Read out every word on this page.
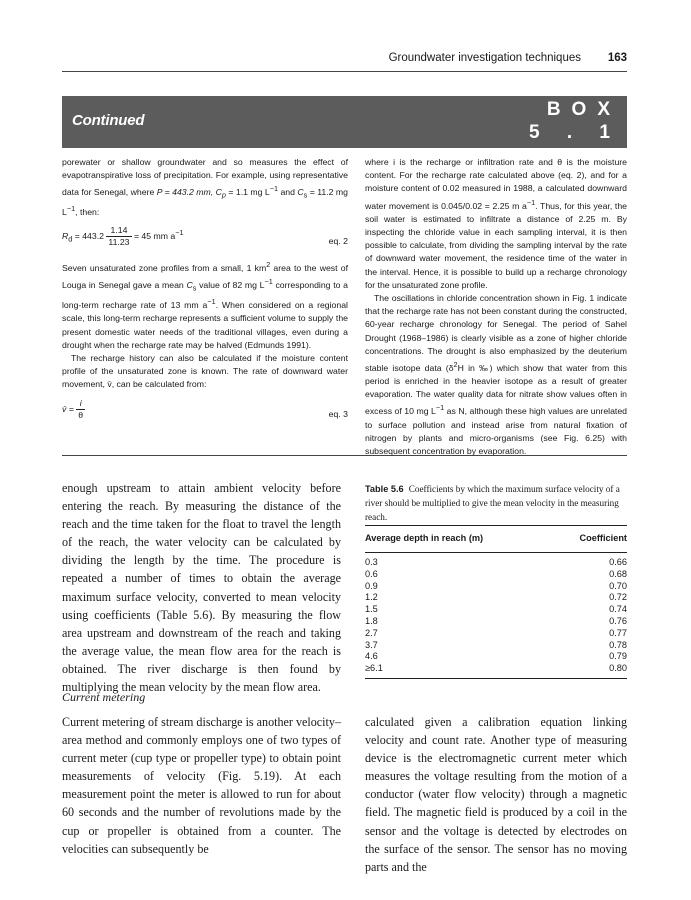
Groundwater investigation techniques 163
Continued
BOX
5 . 1

porewater or shallow groundwater and so measures the effect of evapotranspirative loss of precipitation. For example, using representative data for Senegal, where P = 443.2 mm, $C_p = 1.1$ mg $L^{-1}$ and $C_s = 11.2$ mg $L^{-1}$, then:

$R_d = 443.2 \frac{1.14}{11.23} = 45$ mm $a^{-1}$
eq. 2

Seven unsaturated zone profiles from a small, 1 $km^2$ area to the west of Louga in Senegal gave a mean $C_s$ value of 82 mg $L^{-1}$ corresponding to a long-term recharge rate of 13 mm $a^{-1}$. When considered on a regional scale, this long-term recharge represents a sufficient volume to supply the present domestic water needs of the traditional villages, even during a drought when the recharge rate may be halved (Edmunds 1991).

The recharge history can also be calculated if the moisture content profile of the unsaturated zone is known. The rate of downward water movement, v̄, can be calculated from:

v̄ = $\frac{i}{\theta}$	eq. 3

where i is the recharge or infiltration rate and θ is the moisture content. For the recharge rate calculated above (eq. 2), and for a moisture content of 0.02 measured in 1988, a calculated downward water movement is 0.045/0.02 = 2.25 m $a^{-1}$. Thus, for this year, the soil water is estimated to infiltrate a distance of 2.25 m. By inspecting the chloride value in each sampling interval, it is then possible to calculate, from dividing the sampling interval by the rate of downward water movement, the residence time of the water in the interval. Hence, it is possible to build up a recharge chronology for the unsaturated zone profile.

The oscillations in chloride concentration shown in Fig. 1 indicate that the recharge rate has not been constant during the constructed, 60-year recharge chronology for Senegal. The period of Sahel Drought (1968–1986) is clearly visible as a zone of higher chloride concentrations. The drought is also emphasized by the deuterium stable isotope data ($\delta^2H$ in ‰) which show that water from this period is enriched in the heavier isotope as a result of greater evaporation. The water quality data for nitrate show values often in excess of 10 mg $L^{-1}$ as N, although these high values are unrelated to surface pollution and instead arise from natural fixation of nitrogen by plants and micro-organisms (see Fig. 6.25) with subsequent concentration by evaporation.

enough upstream to attain ambient velocity before entering the reach. By measuring the distance of the reach and the time taken for the float to travel the length of the reach, the water velocity can be calculated by dividing the length by the time. The procedure is repeated a number of times to obtain the average maximum surface velocity, converted to mean velocity using coefficients (Table 5.6). By measuring the flow area upstream and downstream of the reach and taking the average value, the mean flow area for the reach is obtained. The river discharge is then found by multiplying the mean velocity by the mean flow area.

Current metering

Current metering of stream discharge is another velocity–area method and commonly employs one of two types of current meter (cup type or propeller type) to obtain point measurements of velocity (Fig. 5.19). At each measurement point the meter is allowed to run for about 60 seconds and the number of revolutions made by the cup or propeller is obtained from a counter. The velocities can subsequently be

Table 5.6 Coefficients by which the maximum surface velocity of a river should be multiplied to give the mean velocity in the measuring reach.
Average depth in reach (m)	Coefficient
0.3	0.66
0.6	0.68
0.9	0.70
1.2	0.72
1.5	0.74
1.8	0.76
2.7	0.77
3.7	0.78
4.6	0.79
≥6.1	0.80

calculated given a calibration equation linking velocity and count rate. Another type of measuring device is the electromagnetic current meter which measures the voltage resulting from the motion of a conductor (water flow velocity) through a magnetic field. The magnetic field is produced by a coil in the sensor and the voltage is detected by electrodes on the surface of the sensor. The sensor has no moving parts and the
